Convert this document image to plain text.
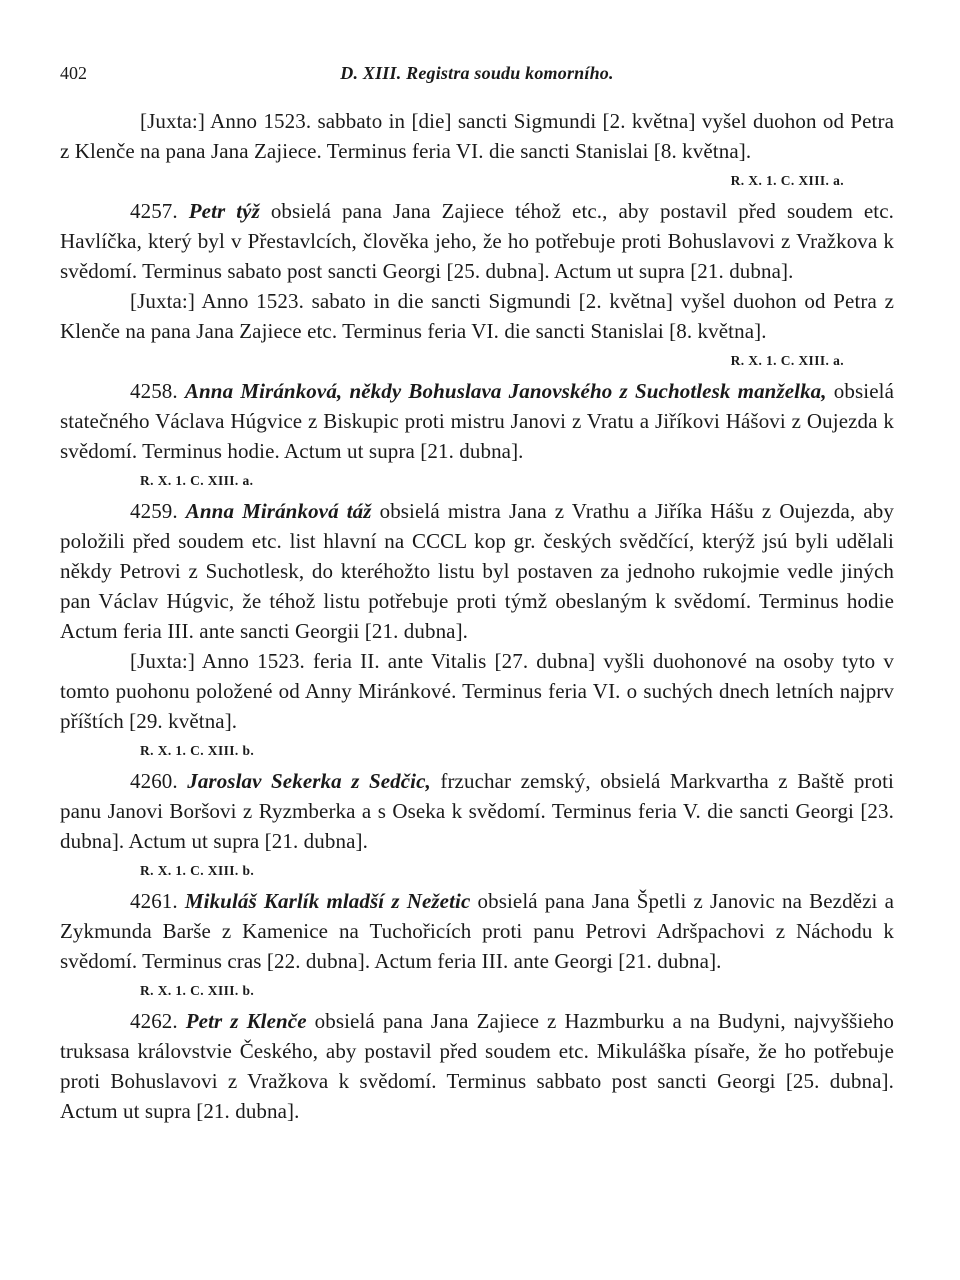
402	D. XIII. Registra soudu komorního.

[Juxta:] Anno 1523. sabbato in [die] sancti Sigmundi [2. května] vyšel duohon od Petra z Klenče na pana Jana Zajiece. Terminus feria VI. die sancti Stanislai [8. května].
R. X. 1. C. XIII. a.

4257. Petr týž obsielá pana Jana Zajiece téhož etc., aby postavil před soudem etc. Havlíčka, který byl v Přestavlcích, člověka jeho, že ho potřebuje proti Bohuslavovi z Vražkova k svědomí. Terminus sabato post sancti Georgi [25. dubna]. Actum ut supra [21. dubna].

[Juxta:] Anno 1523. sabato in die sancti Sigmundi [2. května] vyšel duohon od Petra z Klenče na pana Jana Zajiece etc. Terminus feria VI. die sancti Stanislai [8. května].
R. X. 1. C. XIII. a.

4258. Anna Miránková, někdy Bohuslava Janovského z Suchotlesk manželka, obsielá statečného Václava Húgvice z Biskupic proti mistru Janovi z Vratu a Jiříkovi Hášovi z Oujezda k svědomí. Terminus hodie. Actum ut supra [21. dubna].

R. X. 1. C. XIII. a.

4259. Anna Miránková táž obsielá mistra Jana z Vrathu a Jiříka Hášu z Oujezda, aby položili před soudem etc. list hlavní na CCCL kop gr. českých svědčící, kterýž jsú byli udělali někdy Petrovi z Suchotlesk, do kteréhožto listu byl postaven za jednoho rukojmie vedle jiných pan Václav Húgvic, že téhož listu potřebuje proti týmž obeslaným k svědomí. Terminus hodie Actum feria III. ante sancti Georgii [21. dubna].

[Juxta:] Anno 1523. feria II. ante Vitalis [27. dubna] vyšli duohonové na osoby tyto v tomto puohonu položené od Anny Miránkové. Terminus feria VI. o suchých dnech letních najprv příštích [29. května].

R. X. 1. C. XIII. b.

4260. Jaroslav Sekerka z Sedčic, frzuchar zemský, obsielá Markvartha z Baště proti panu Janovi Boršovi z Ryzmberka a s Oseka k svědomí. Terminus feria V. die sancti Georgi [23. dubna]. Actum ut supra [21. dubna].

R. X. 1. C. XIII. b.

4261. Mikuláš Karlík mladší z Nežetic obsielá pana Jana Špetli z Janovic na Bezdězi a Zykmunda Barše z Kamenice na Tuchořicích proti panu Petrovi Adršpachovi z Náchodu k svědomí. Terminus cras [22. dubna]. Actum feria III. ante Georgi [21. dubna].

R. X. 1. C. XIII. b.

4262. Petr z Klenče obsielá pana Jana Zajiece z Hazmburku a na Budyni, najvyššieho truksasa královstvie Českého, aby postavil před soudem etc. Mikuláška písaře, že ho potřebuje proti Bohuslavovi z Vražkova k svědomí. Terminus sabbato post sancti Georgi [25. dubna]. Actum ut supra [21. dubna].
